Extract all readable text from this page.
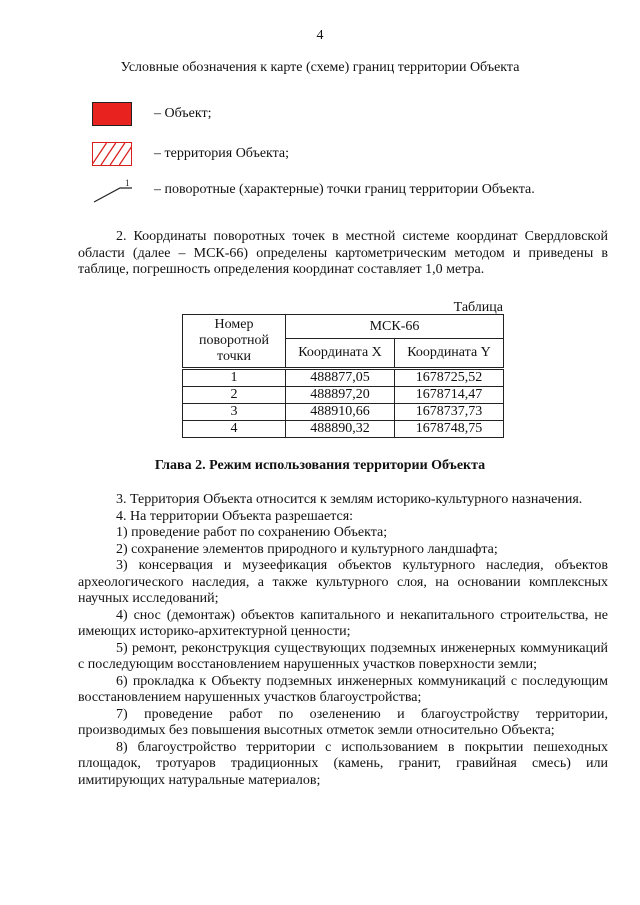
4
Условные обозначения к карте (схеме) границ территории Объекта
– Объект;
– территория Объекта;
1 – поворотные (характерные) точки границ территории Объекта.

2. Координаты поворотных точек в местной системе координат Свердловской области (далее – МСК-66) определены картометрическим методом и приведены в таблице, погрешность определения координат составляет 1,0 метра.

Таблица
Номер поворотной точки	МСК-66	
	Координата X	Координата Y
1	488877,05	1678725,52
2	488897,20	1678714,47
3	488910,66	1678737,73
4	488890,32	1678748,75
Глава 2. Режим использования территории Объекта

3. Территория Объекта относится к землям историко-культурного назначения.

4. На территории Объекта разрешается:

1) проведение работ по сохранению Объекта;

2) сохранение элементов природного и культурного ландшафта;

3) консервация и музеефикация объектов культурного наследия, объектов археологического наследия, а также культурного слоя, на основании комплексных научных исследований;

4) снос (демонтаж) объектов капитального и некапитального строительства, не имеющих историко-архитектурной ценности;

5) ремонт, реконструкция существующих подземных инженерных коммуникаций с последующим восстановлением нарушенных участков поверхности земли;

6) прокладка к Объекту подземных инженерных коммуникаций с последующим восстановлением нарушенных участков благоустройства;

7) проведение работ по озеленению и благоустройству территории, производимых без повышения высотных отметок земли относительно Объекта;

8) благоустройство территории с использованием в покрытии пешеходных площадок, тротуаров традиционных (камень, гранит, гравийная смесь) или имитирующих натуральные материалов;
